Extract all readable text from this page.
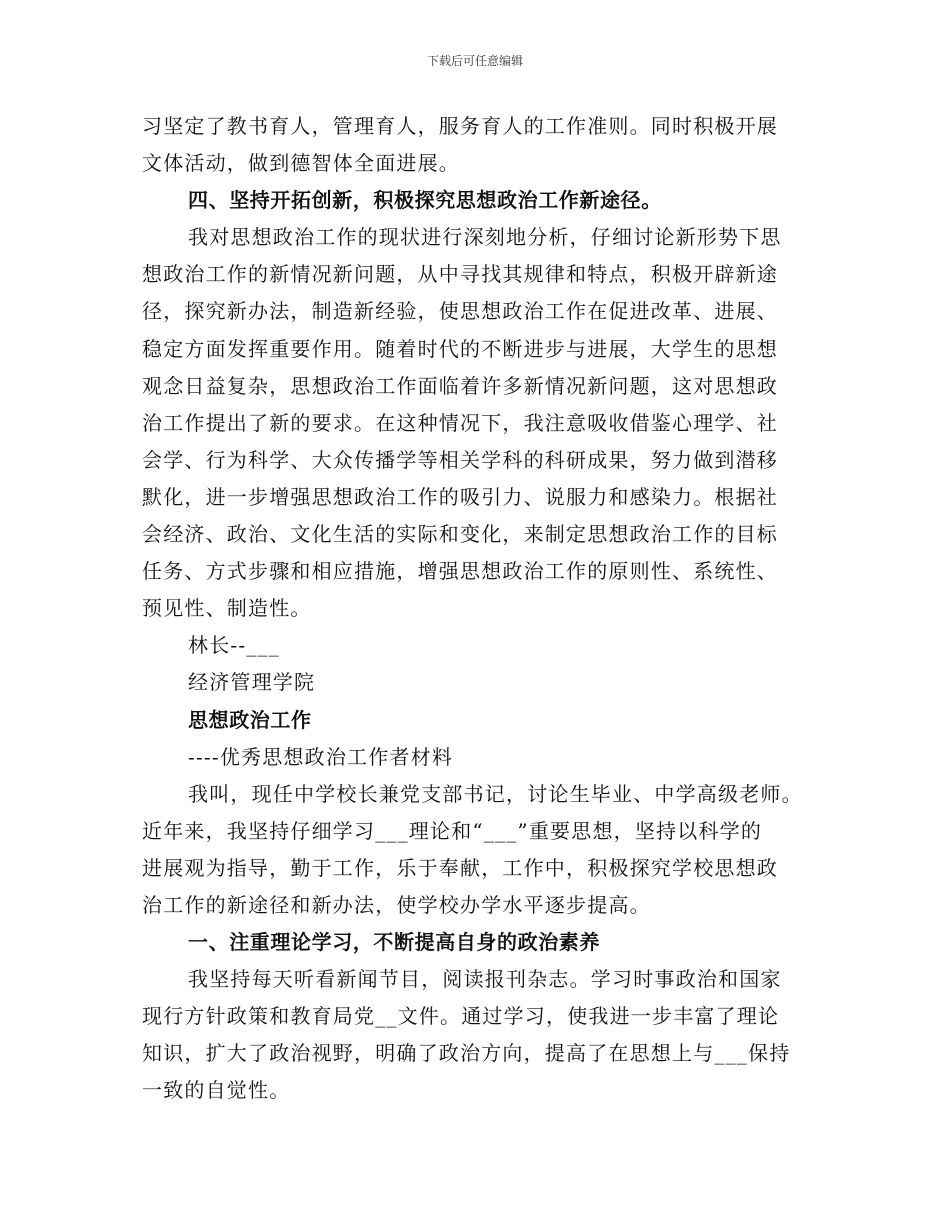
下载后可任意编辑
习坚定了教书育人，管理育人，服务育人的工作准则。同时积极开展
文体活动，做到德智体全面进展。
四、坚持开拓创新，积极探究思想政治工作新途径。
我对思想政治工作的现状进行深刻地分析，仔细讨论新形势下思
想政治工作的新情况新问题，从中寻找其规律和特点，积极开辟新途
径，探究新办法，制造新经验，使思想政治工作在促进改革、进展、
稳定方面发挥重要作用。随着时代的不断进步与进展，大学生的思想
观念日益复杂，思想政治工作面临着许多新情况新问题，这对思想政
治工作提出了新的要求。在这种情况下，我注意吸收借鉴心理学、社
会学、行为科学、大众传播学等相关学科的科研成果，努力做到潜移
默化，进一步增强思想政治工作的吸引力、说服力和感染力。根据社
会经济、政治、文化生活的实际和变化，来制定思想政治工作的目标
任务、方式步骤和相应措施，增强思想政治工作的原则性、系统性、
预见性、制造性。
林长--___
经济管理学院
思想政治工作
----优秀思想政治工作者材料
我叫，现任中学校长兼党支部书记，讨论生毕业、中学高级老师。
近年来，我坚持仔细学习___理论和“___”重要思想，坚持以科学的
进展观为指导，勤于工作，乐于奉献，工作中，积极探究学校思想政
治工作的新途径和新办法，使学校办学水平逐步提高。
一、注重理论学习，不断提高自身的政治素养
我坚持每天听看新闻节目，阅读报刊杂志。学习时事政治和国家
现行方针政策和教育局党__文件。通过学习，使我进一步丰富了理论
知识，扩大了政治视野，明确了政治方向，提高了在思想上与___保持
一致的自觉性。
